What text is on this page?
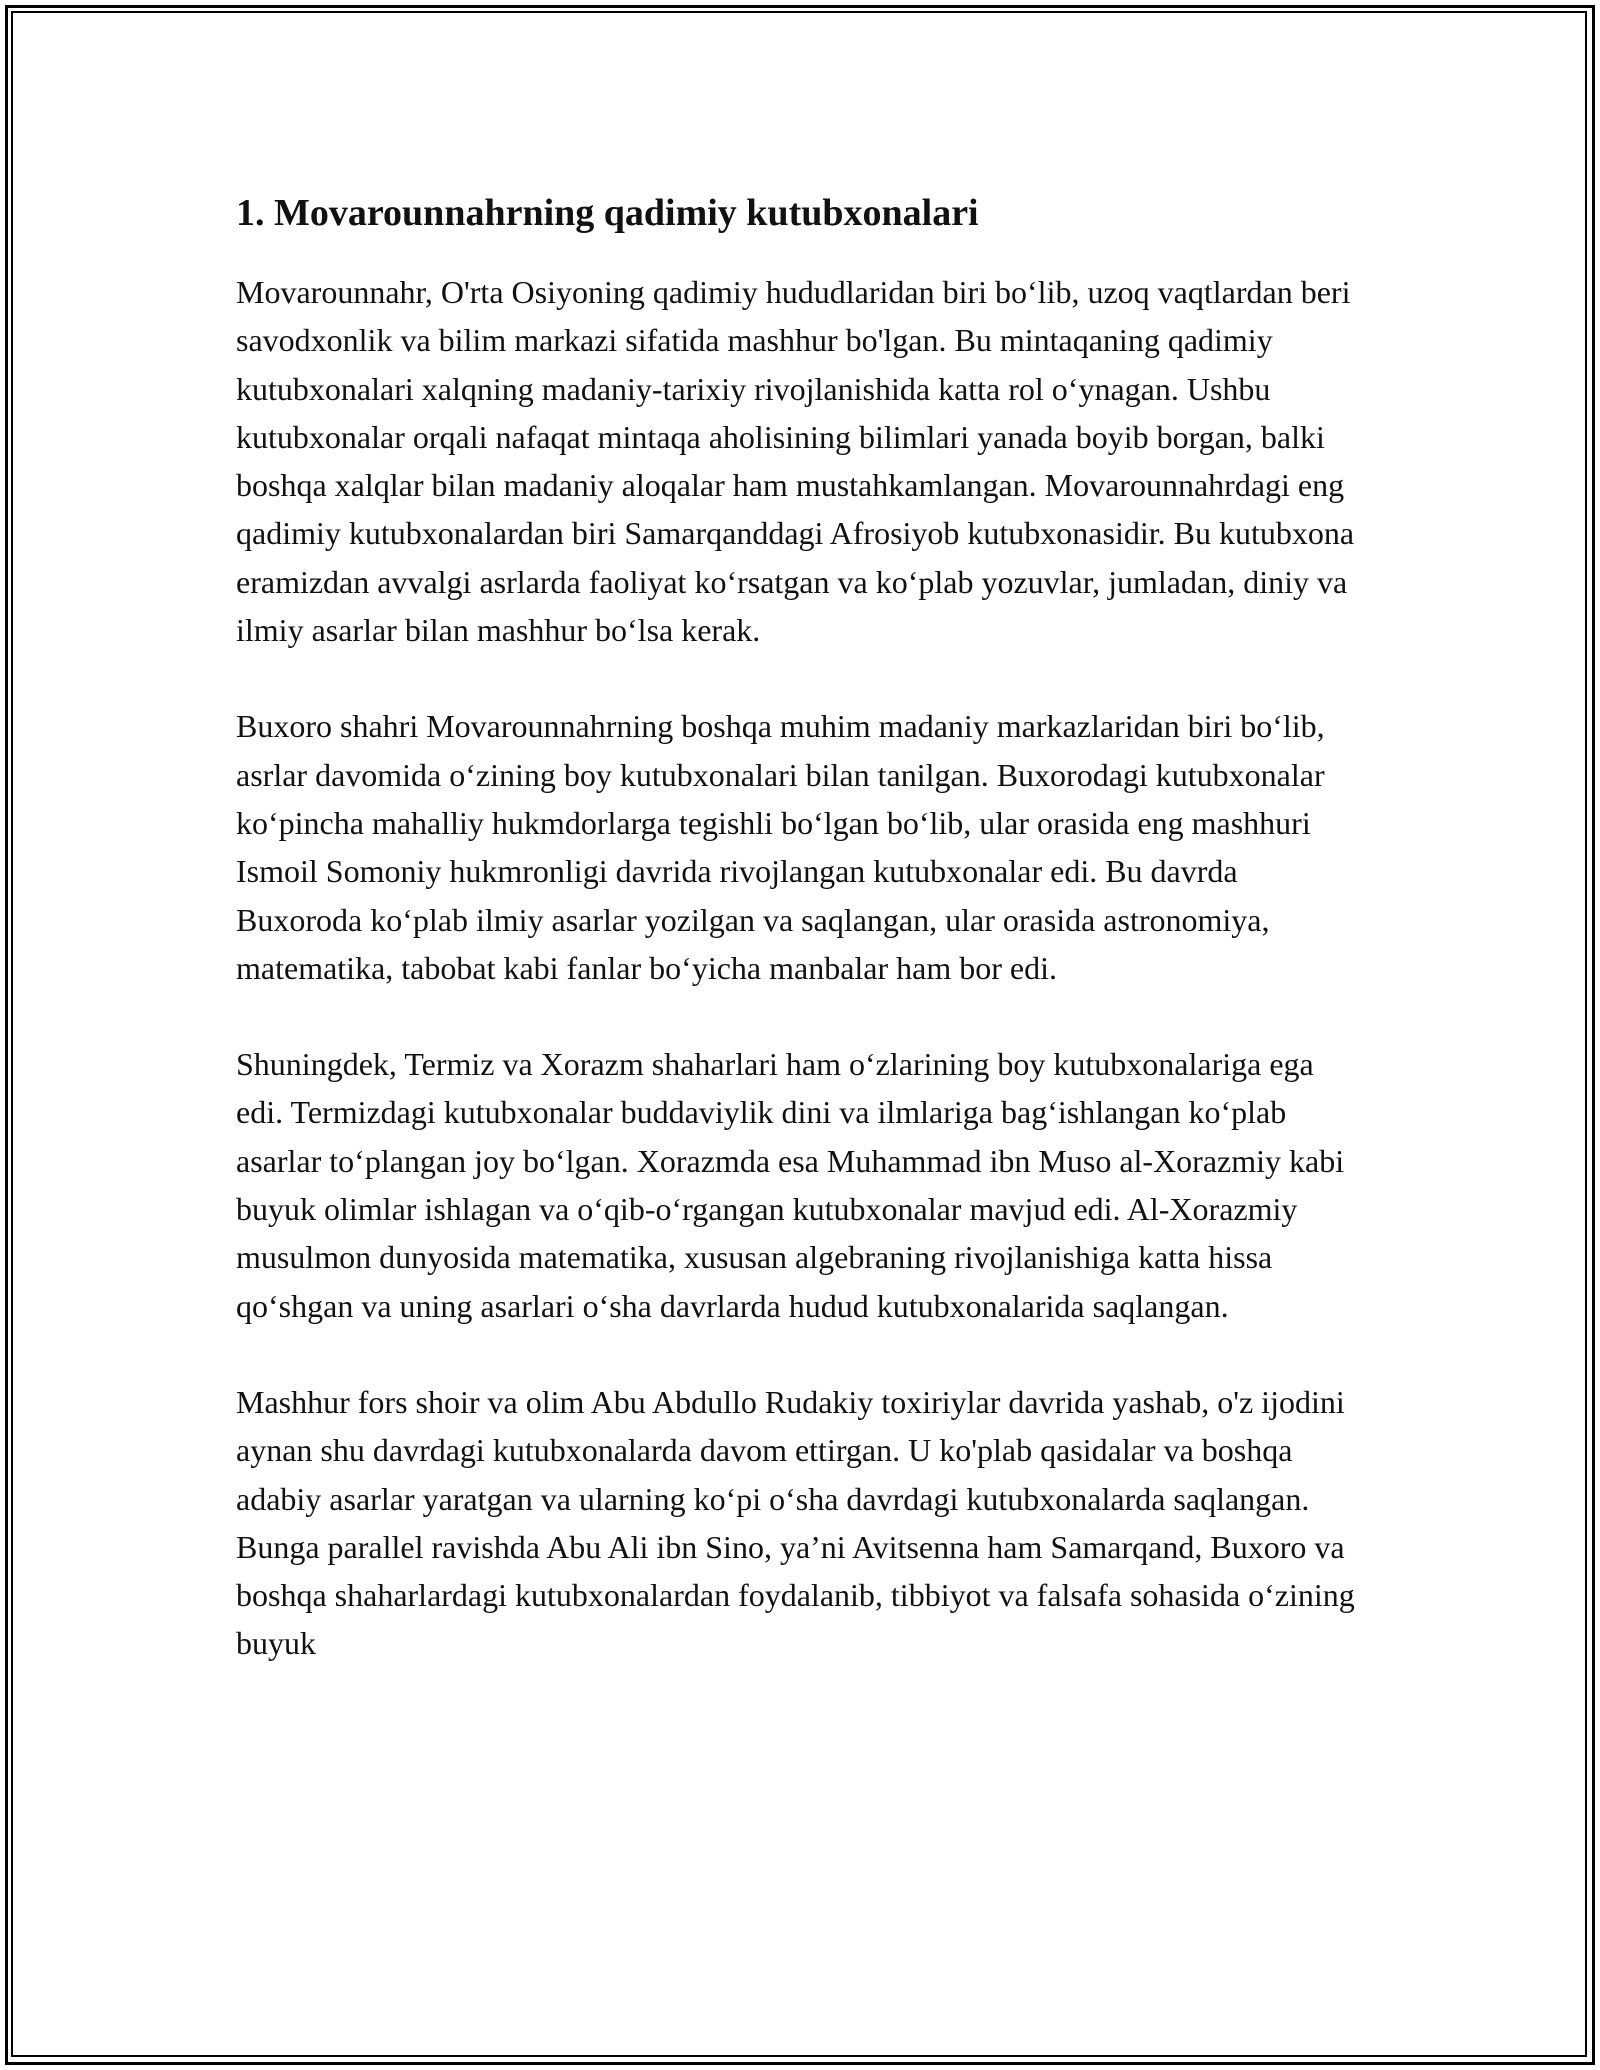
1. Movarounnahrning qadimiy kutubxonalari

Movarounnahr, O'rta Osiyoning qadimiy hududlaridan biri bo‘lib, uzoq vaqtlardan beri savodxonlik va bilim markazi sifatida mashhur bo'lgan. Bu mintaqaning qadimiy kutubxonalari xalqning madaniy-tarixiy rivojlanishida katta rol o‘ynagan. Ushbu kutubxonalar orqali nafaqat mintaqa aholisining bilimlari yanada boyib borgan, balki boshqa xalqlar bilan madaniy aloqalar ham mustahkamlangan. Movarounnahrdagi eng qadimiy kutubxonalardan biri Samarqanddagi Afrosiyob kutubxonasidir. Bu kutubxona eramizdan avvalgi asrlarda faoliyat ko‘rsatgan va ko‘plab yozuvlar, jumladan, diniy va ilmiy asarlar bilan mashhur bo‘lsa kerak.

Buxoro shahri Movarounnahrning boshqa muhim madaniy markazlaridan biri bo‘lib, asrlar davomida o‘zining boy kutubxonalari bilan tanilgan. Buxorodagi kutubxonalar ko‘pincha mahalliy hukmdorlarga tegishli bo‘lgan bo‘lib, ular orasida eng mashhuri Ismoil Somoniy hukmronligi davrida rivojlangan kutubxonalar edi. Bu davrda Buxoroda ko‘plab ilmiy asarlar yozilgan va saqlangan, ular orasida astronomiya, matematika, tabobat kabi fanlar bo‘yicha manbalar ham bor edi.

Shuningdek, Termiz va Xorazm shaharlari ham o‘zlarining boy kutubxonalariga ega edi. Termizdagi kutubxonalar buddaviylik dini va ilmlariga bag‘ishlangan ko‘plab asarlar to‘plangan joy bo‘lgan. Xorazmda esa Muhammad ibn Muso al-Xorazmiy kabi buyuk olimlar ishlagan va o‘qib-o‘rgangan kutubxonalar mavjud edi. Al-Xorazmiy musulmon dunyosida matematika, xususan algebraning rivojlanishiga katta hissa qo‘shgan va uning asarlari o‘sha davrlarda hudud kutubxonalarida saqlangan.

Mashhur fors shoir va olim Abu Abdullo Rudakiy toxiriylar davrida yashab, o'z ijodini aynan shu davrdagi kutubxonalarda davom ettirgan. U ko'plab qasidalar va boshqa adabiy asarlar yaratgan va ularning ko‘pi o‘sha davrdagi kutubxonalarda saqlangan. Bunga parallel ravishda Abu Ali ibn Sino, ya’ni Avitsenna ham Samarqand, Buxoro va boshqa shaharlardagi kutubxonalardan foydalanib, tibbiyot va falsafa sohasida o‘zining buyuk
